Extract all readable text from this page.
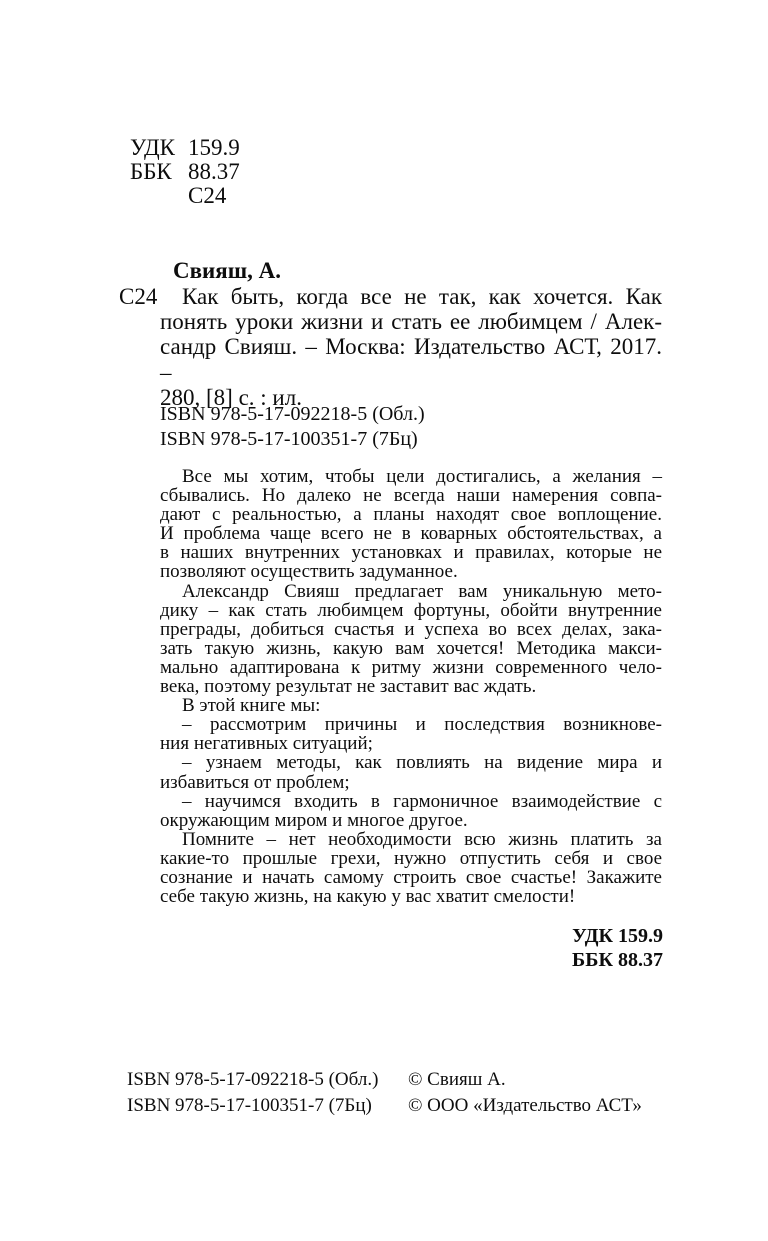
УДК 159.9
ББК 88.37
С24
Свияш, А.
С24	Как быть, когда все не так, как хочется. Как
понять уроки жизни и стать ее любимцем / Алек-
сандр Свияш. – Москва: Издательство АСТ, 2017. –
280, [8] с. : ил.
ISBN 978-5-17-092218-5 (Обл.)
ISBN 978-5-17-100351-7 (7Бц)
Все мы хотим, чтобы цели достигались, а желания –
сбывались. Но далеко не всегда наши намерения совпа-
дают с реальностью, а планы находят свое воплощение.
И проблема чаще всего не в коварных обстоятельствах, а
в наших внутренних установках и правилах, которые не
позволяют осуществить задуманное.
Александр Свияш предлагает вам уникальную мето-
дику – как стать любимцем фортуны, обойти внутренние
преграды, добиться счастья и успеха во всех делах, зака-
зать такую жизнь, какую вам хочется! Методика макси-
мально адаптирована к ритму жизни современного чело-
века, поэтому результат не заставит вас ждать.
В этой книге мы:
– рассмотрим причины и последствия возникнове-
ния негативных ситуаций;
– узнаем методы, как повлиять на видение мира и
избавиться от проблем;
– научимся входить в гармоничное взаимодействие с
окружающим миром и многое другое.
Помните – нет необходимости всю жизнь платить за
какие-то прошлые грехи, нужно отпустить себя и свое
сознание и начать самому строить свое счастье! Закажите
себе такую жизнь, на какую у вас хватит смелости!
УДК 159.9
ББК 88.37
ISBN 978-5-17-092218-5 (Обл.)
ISBN 978-5-17-100351-7 (7Бц)
© Свияш А.
© ООО «Издательство АСТ»
